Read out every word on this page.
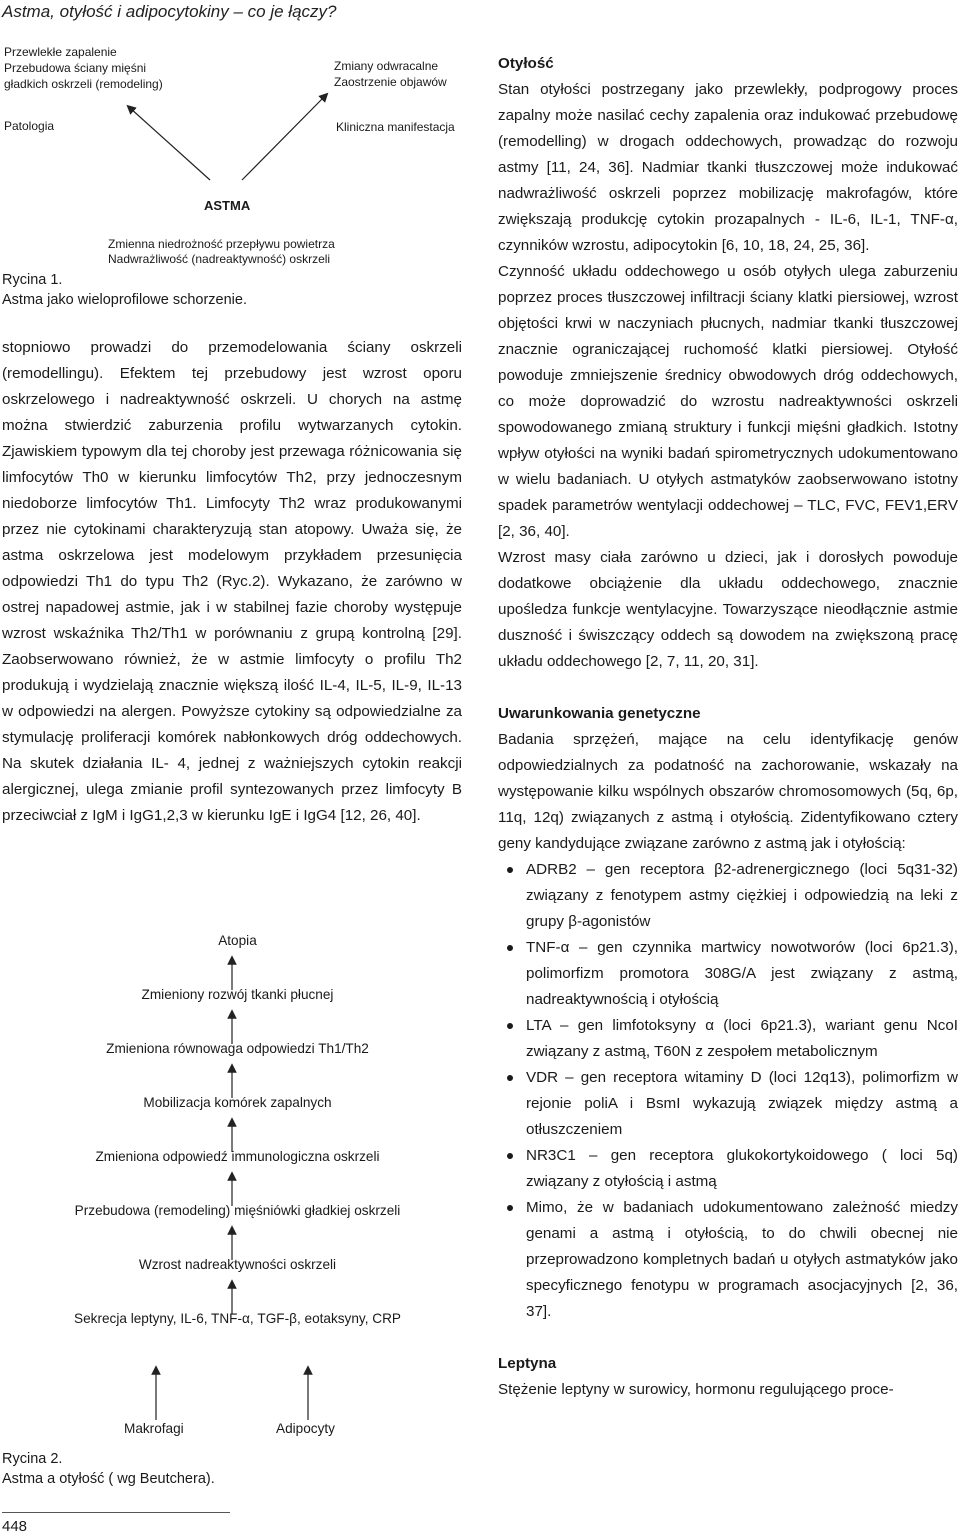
Astma, otyłość i adipocytokiny – co je łączy?
Przewlekłe zapalenie
Przebudowa ściany mięśni
gładkich oskrzeli (remodeling)
Patologia
Zmiany odwracalne
Zaostrzenie objawów
Kliniczna manifestacja
ASTMA
Zmienna niedrożność przepływu powietrza
Nadwrażliwość (nadreaktywność) oskrzeli
Rycina 1.
Astma jako wieloprofilowe schorzenie.

stopniowo prowadzi do przemodelowania ściany oskrzeli (remodellingu). Efektem tej przebudowy jest wzrost oporu oskrzelowego i nadreaktywność oskrzeli. U chorych na astmę można stwierdzić zaburzenia profilu wytwarzanych cytokin. Zjawiskiem typowym dla tej choroby jest przewaga różnicowania się limfocytów Th0 w kierunku limfocytów Th2, przy jednoczesnym niedoborze limfocytów Th1. Limfocyty Th2 wraz produkowanymi przez nie cytokinami charakteryzują stan atopowy. Uważa się, że astma oskrzelowa jest modelowym przykładem przesunięcia odpowiedzi Th1 do typu Th2 (Ryc.2). Wykazano, że zarówno w ostrej napadowej astmie, jak i w stabilnej fazie choroby występuje wzrost wskaźnika Th2/Th1 w porównaniu z grupą kontrolną [29]. Zaobserwowano również, że w astmie limfocyty o profilu Th2 produkują i wydzielają znacznie większą ilość IL-4, IL-5, IL-9, IL-13 w odpowiedzi na alergen. Powyższe cytokiny są odpowiedzialne za stymulację proliferacji komórek nabłonkowych dróg oddechowych. Na skutek działania IL- 4, jednej z ważniejszych cytokin reakcji alergicznej, ulega zmianie profil syntezowanych przez limfocyty B przeciwciał z IgM i IgG1,2,3 w kierunku IgE i IgG4 [12, 26, 40].

Atopia
Zmieniony rozwój tkanki płucnej
Zmieniona równowaga odpowiedzi Th1/Th2
Mobilizacja komórek zapalnych
Zmieniona odpowiedź immunologiczna oskrzeli
Przebudowa (remodeling) mięśniówki gładkiej oskrzeli
Wzrost nadreaktywności oskrzeli
Sekrecja leptyny, IL-6, TNF-α, TGF-β, eotaksyny, CRP
Makrofagi	Adipocyty
Rycina 2.
Astma a otyłość ( wg Beutchera).

Otyłość

Stan otyłości postrzegany jako przewlekły, podprogowy proces zapalny może nasilać cechy zapalenia oraz indukować przebudowę (remodelling) w drogach oddechowych, prowadząc do rozwoju astmy [11, 24, 36]. Nadmiar tkanki tłuszczowej może indukować nadwrażliwość oskrzeli poprzez mobilizację makrofagów, które zwiększają produkcję cytokin prozapalnych - IL-6, IL-1, TNF-α, czynników wzrostu, adipocytokin [6, 10, 18, 24, 25, 36].

Czynność układu oddechowego u osób otyłych ulega zaburzeniu poprzez proces tłuszczowej infiltracji ściany klatki piersiowej, wzrost objętości krwi w naczyniach płucnych, nadmiar tkanki tłuszczowej znacznie ograniczającej ruchomość klatki piersiowej. Otyłość powoduje zmniejszenie średnicy obwodowych dróg oddechowych, co może doprowadzić do wzrostu nadreaktywności oskrzeli spowodowanego zmianą struktury i funkcji mięśni gładkich. Istotny wpływ otyłości na wyniki badań spirometrycznych udokumentowano w wielu badaniach. U otyłych astmatyków zaobserwowano istotny spadek parametrów wentylacji oddechowej – TLC, FVC, FEV1,ERV [2, 36, 40].

Wzrost masy ciała zarówno u dzieci, jak i dorosłych powoduje dodatkowe obciążenie dla układu oddechowego, znacznie upośledza funkcje wentylacyjne. Towarzyszące nieodłącznie astmie duszność i świszczący oddech są dowodem na zwiększoną pracę układu oddechowego [2, 7, 11, 20, 31].

Uwarunkowania genetyczne

Badania sprzężeń, mające na celu identyfikację genów odpowiedzialnych za podatność na zachorowanie, wskazały na występowanie kilku wspólnych obszarów chromosomowych (5q, 6p, 11q, 12q) związanych z astmą i otyłością. Zidentyfikowano cztery geny kandydujące związane zarówno z astmą jak i otyłością:

ADRB2 – gen receptora β2-adrenergicznego (loci 5q31-32) związany z fenotypem astmy ciężkiej i odpowiedzią na leki z grupy β-agonistów
TNF-α – gen czynnika martwicy nowotworów (loci 6p21.3), polimorfizm promotora 308G/A jest związany z astmą, nadreaktywnością i otyłością
LTA – gen limfotoksyny α (loci 6p21.3), wariant genu NcoI związany z astmą, T60N z zespołem metabolicznym
VDR – gen receptora witaminy D (loci 12q13), polimorfizm w rejonie poliA i BsmI wykazują związek między astmą a otłuszczeniem
NR3C1 – gen receptora glukokortykoidowego ( loci 5q) związany z otyłością i astmą
Mimo, że w badaniach udokumentowano zależność miedzy genami a astmą i otyłością, to do chwili obecnej nie przeprowadzono kompletnych badań u otyłych astmatyków jako specyficznego fenotypu w programach asocjacyjnych [2, 36, 37].

Leptyna

Stężenie leptyny w surowicy, hormonu regulującego proce-

448
